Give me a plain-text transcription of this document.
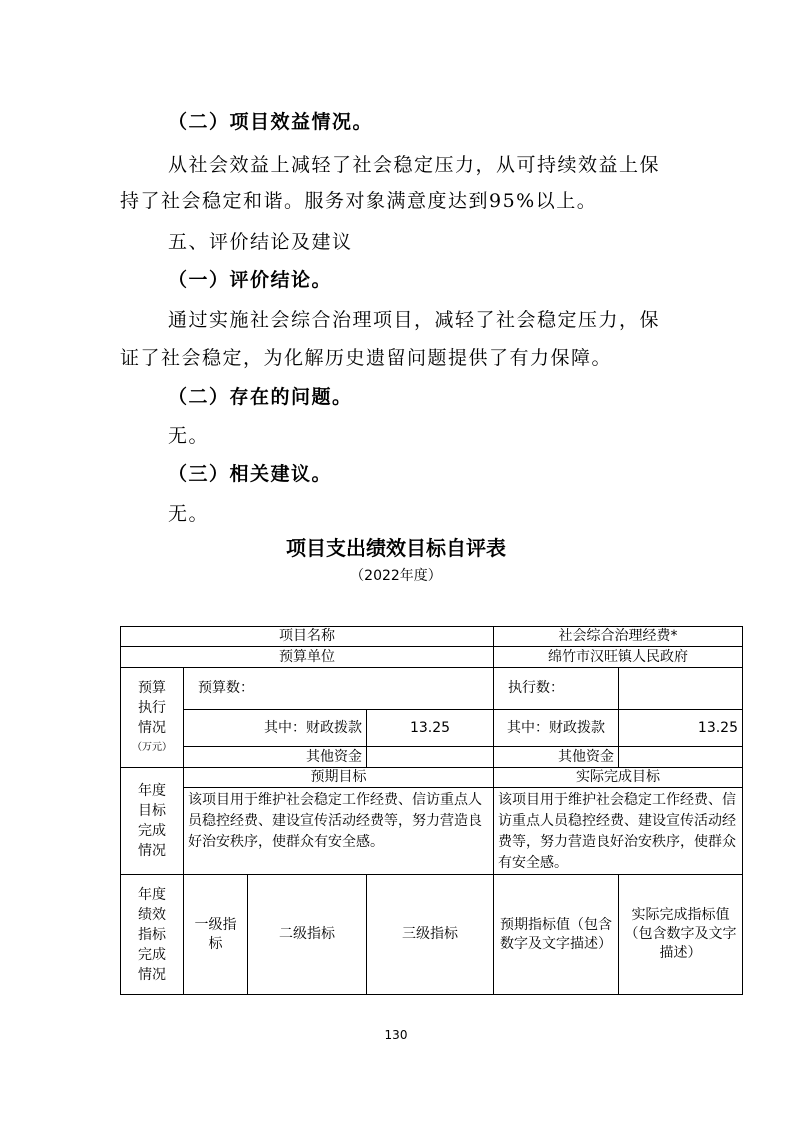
（二）项目效益情况。
从社会效益上减轻了社会稳定压力，从可持续效益上保
持了社会稳定和谐。服务对象满意度达到95%以上。
五、评价结论及建议
（一）评价结论。
通过实施社会综合治理项目，减轻了社会稳定压力，保
证了社会稳定，为化解历史遗留问题提供了有力保障。
（二）存在的问题。
无。
（三）相关建议。
无。
项目支出绩效目标自评表
（2022年度）
项目名称				社会综合治理经费*	
预算单位				绵竹市汉旺镇人民政府	

预算执行情况
（万元）	预算数：			执行数：	
	其中：财政拨款		13.25	其中：财政拨款	13.25
	其他资金			其他资金	

年度目标完成情况	预期目标			实际完成目标	
	该项目用于维护社会稳定工作经费、信访重点人员稳控经费、建设宣传活动经费等，努力营造良好治安秩序，使群众有安全感。			该项目用于维护社会稳定工作经费、信访重点人员稳控经费、建设宣传活动经费等，努力营造良好治安秩序，使群众有安全感。	

年度绩效指标完成情况	一级指标	二级指标	三级指标	预期指标值（包含数字及文字描述）	实际完成指标值（包含数字及文字描述）
130
